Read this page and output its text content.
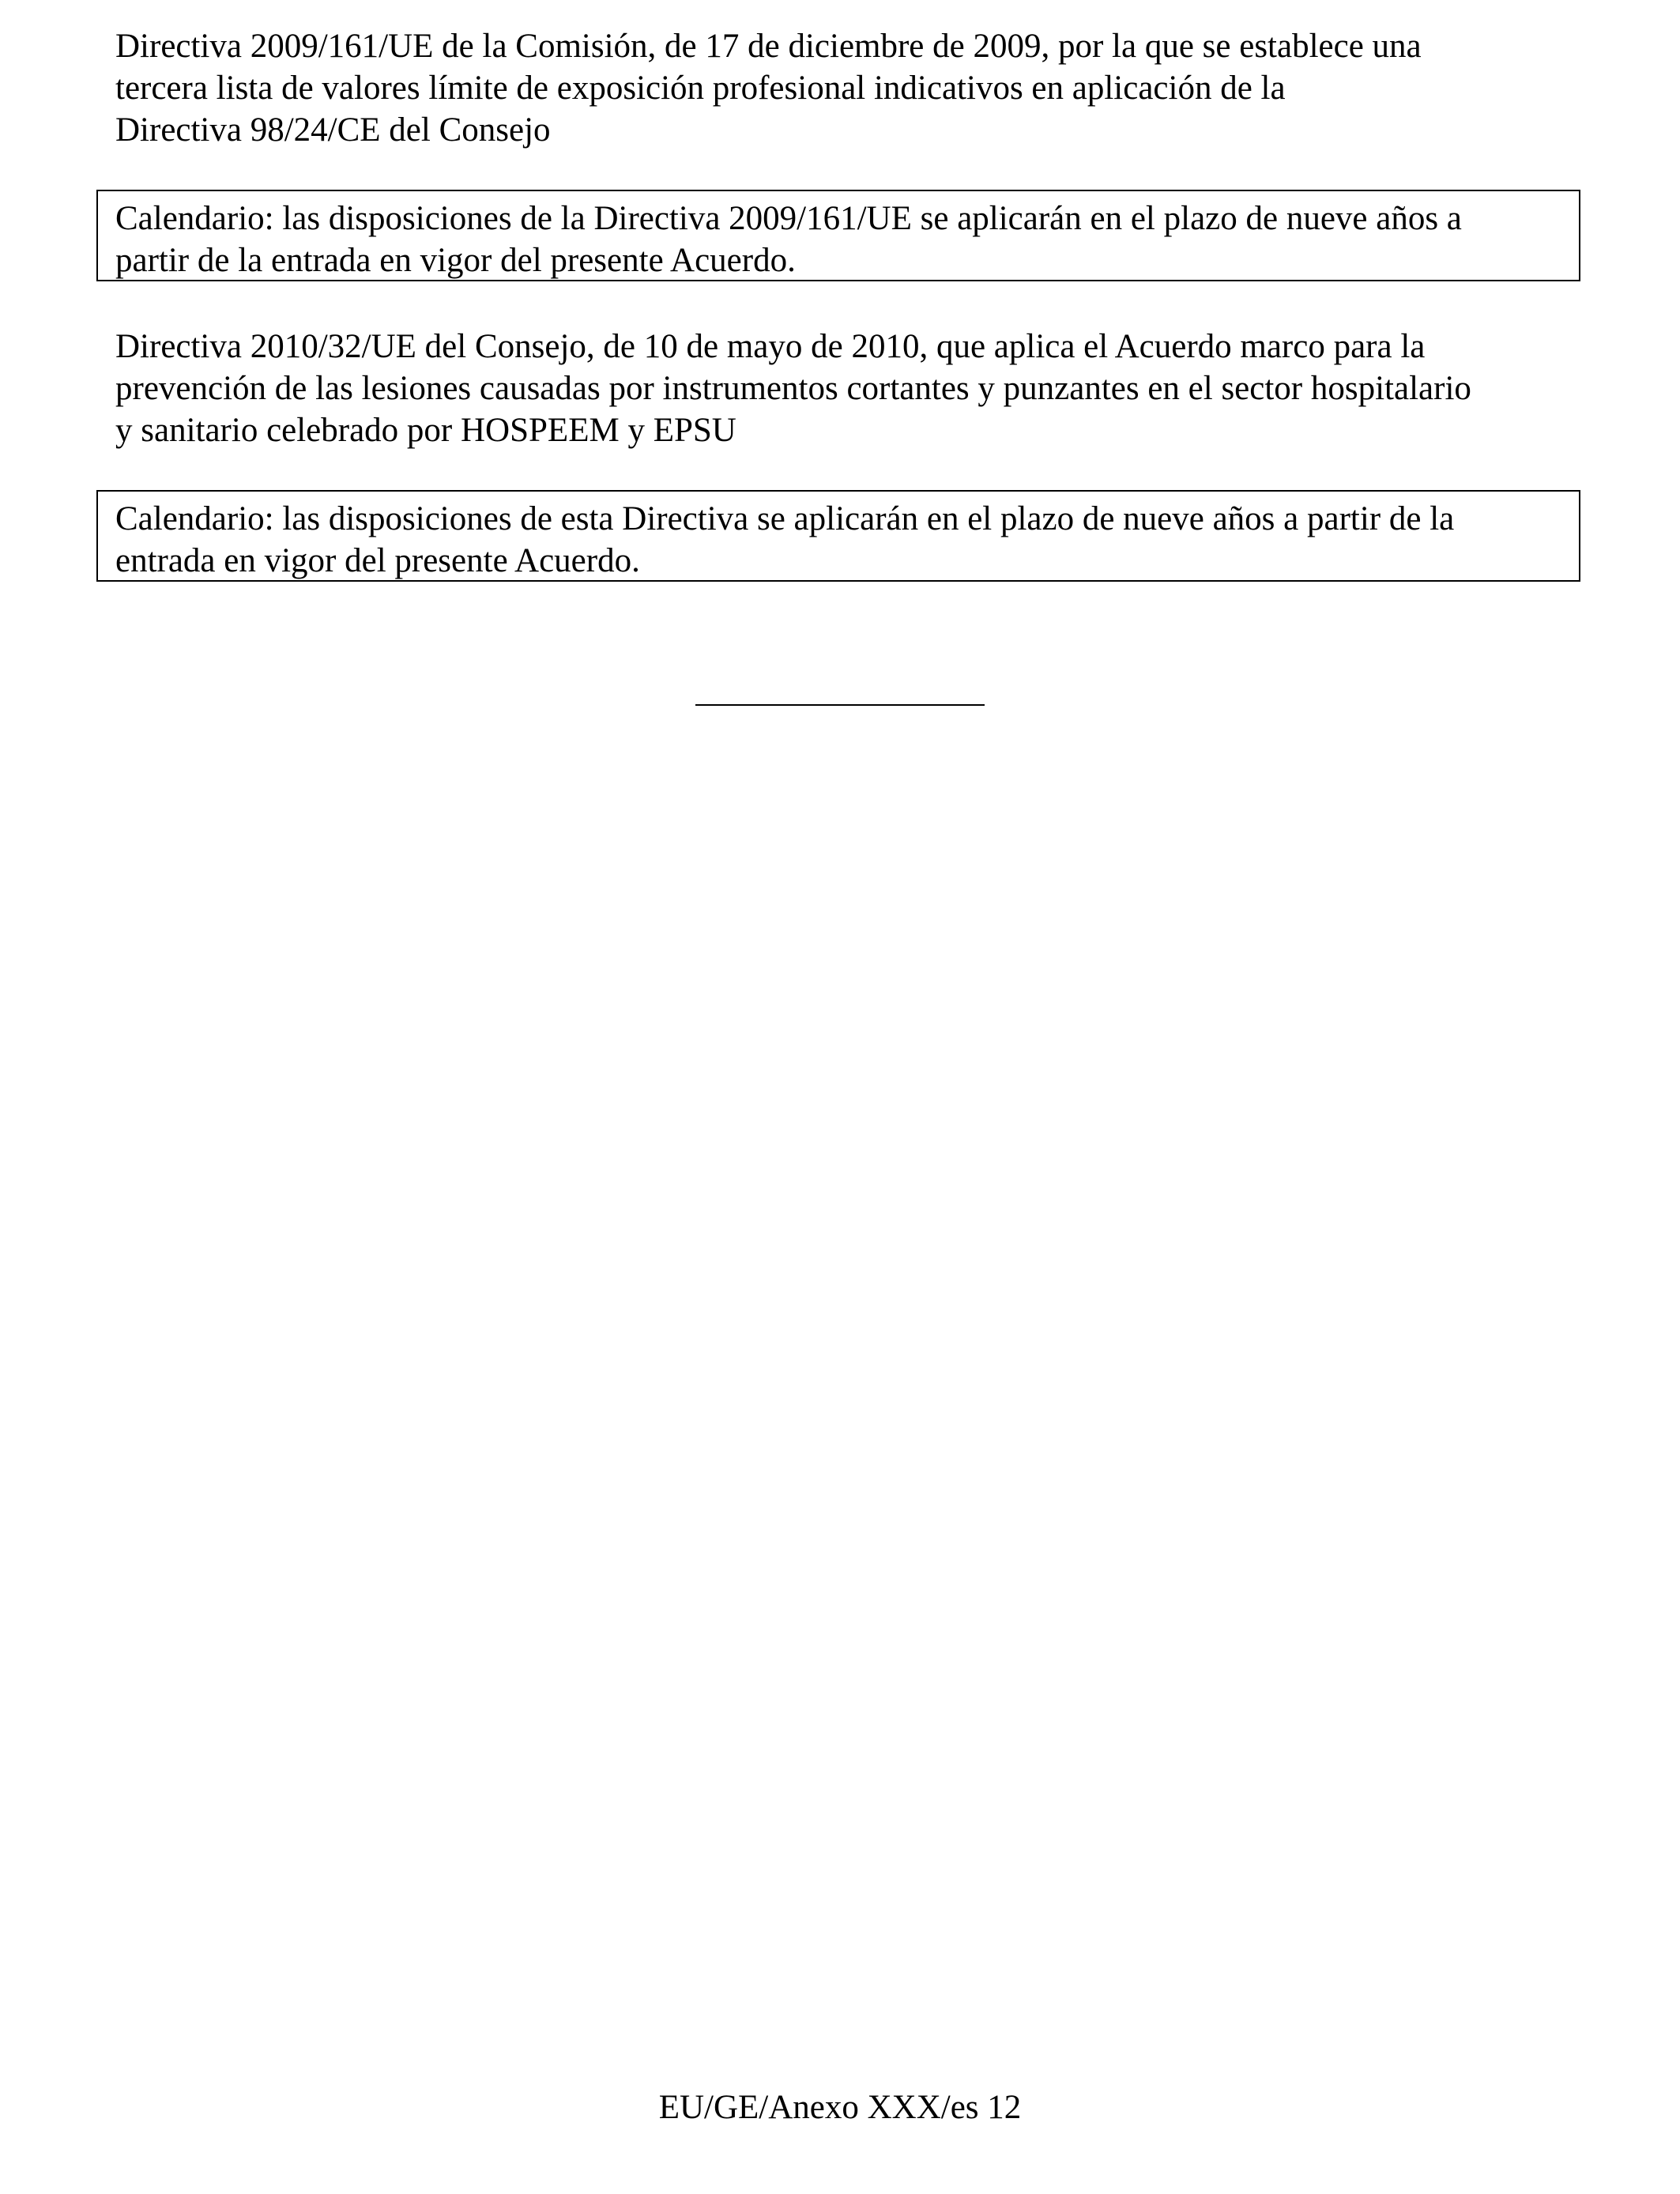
Directiva 2009/161/UE de la Comisión, de 17 de diciembre de 2009, por la que se establece una
tercera lista de valores límite de exposición profesional indicativos en aplicación de la
Directiva 98/24/CE del Consejo
Calendario: las disposiciones de la Directiva 2009/161/UE se aplicarán en el plazo de nueve años a
partir de la entrada en vigor del presente Acuerdo.
Directiva 2010/32/UE del Consejo, de 10 de mayo de 2010, que aplica el Acuerdo marco para la
prevención de las lesiones causadas por instrumentos cortantes y punzantes en el sector hospitalario
y sanitario celebrado por HOSPEEM y EPSU
Calendario: las disposiciones de esta Directiva se aplicarán en el plazo de nueve años a partir de la
entrada en vigor del presente Acuerdo.
EU/GE/Anexo XXX/es 12
